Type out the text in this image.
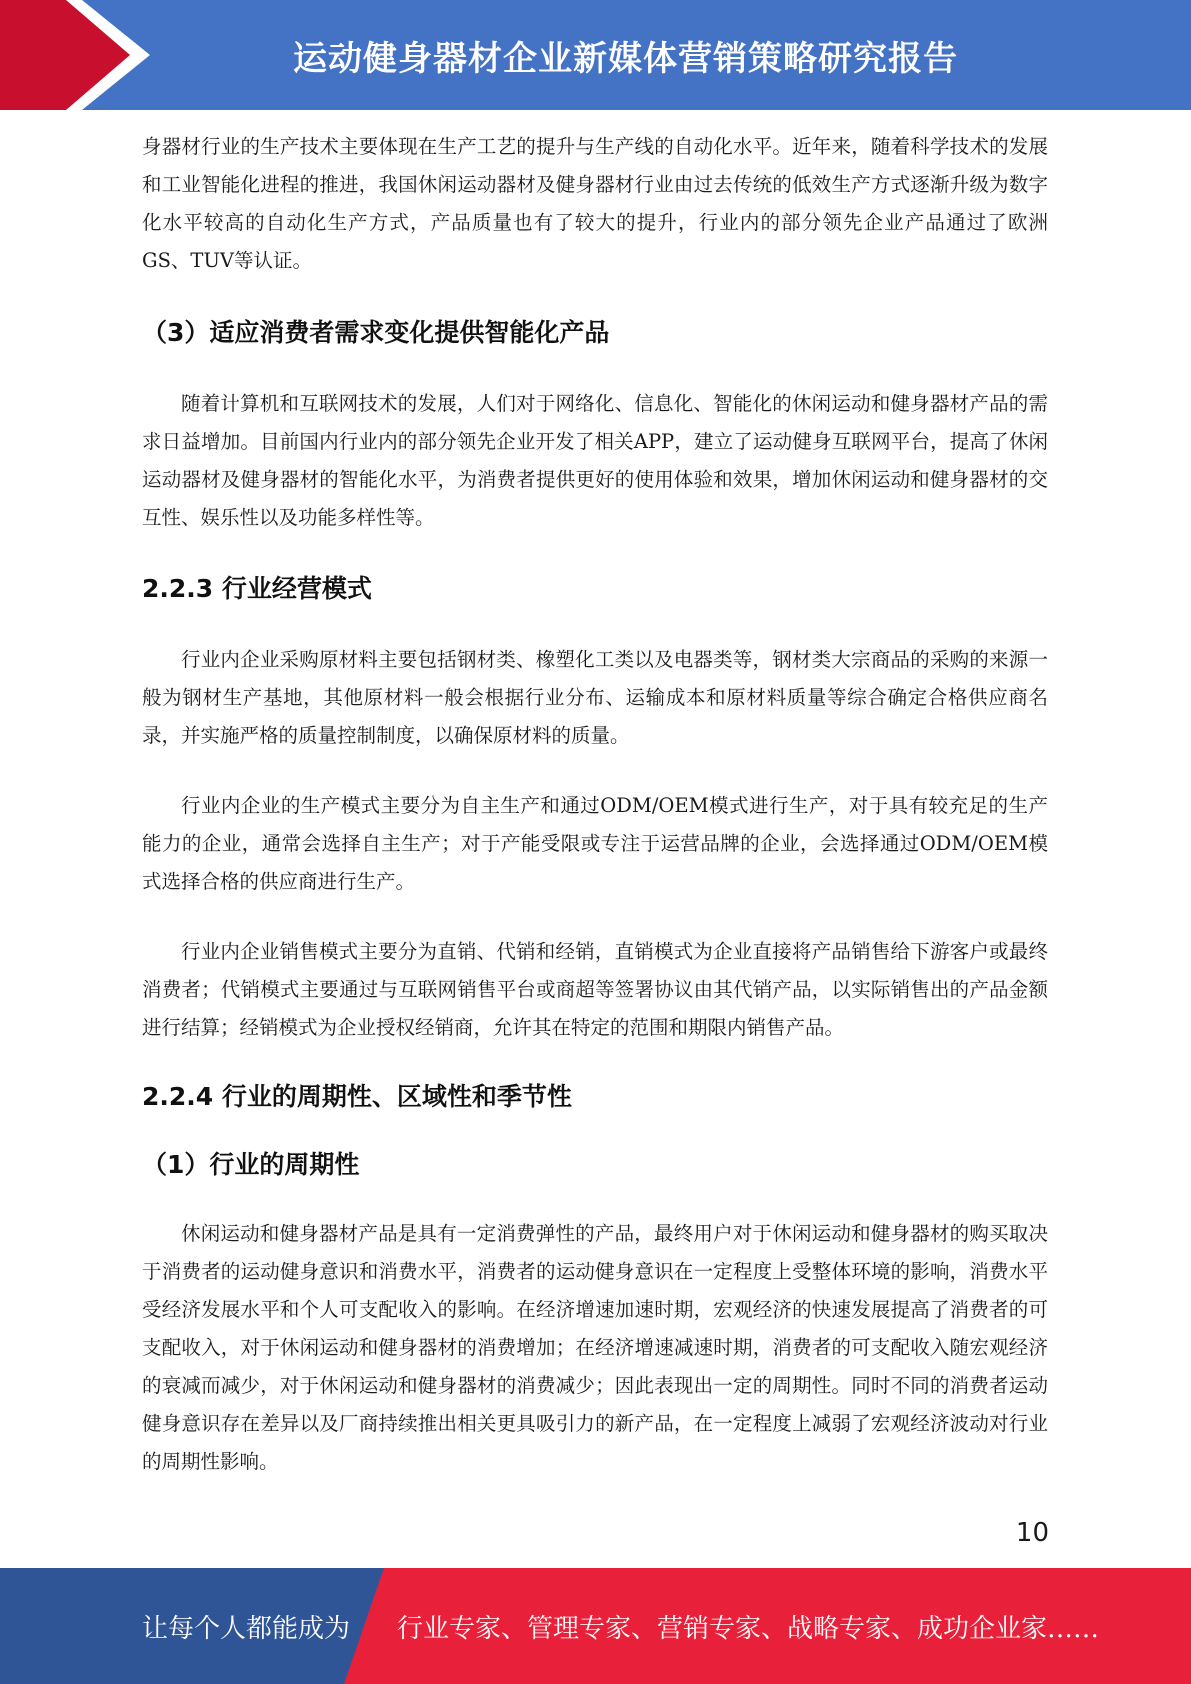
运动健身器材企业新媒体营销策略研究报告

身器材行业的生产技术主要体现在生产工艺的提升与生产线的自动化水平。近年来，随着科学技术的发展和工业智能化进程的推进，我国休闲运动器材及健身器材行业由过去传统的低效生产方式逐渐升级为数字化水平较高的自动化生产方式，产品质量也有了较大的提升，行业内的部分领先企业产品通过了欧洲GS、TUV等认证。

（3）适应消费者需求变化提供智能化产品

随着计算机和互联网技术的发展，人们对于网络化、信息化、智能化的休闲运动和健身器材产品的需求日益增加。目前国内行业内的部分领先企业开发了相关APP，建立了运动健身互联网平台，提高了休闲运动器材及健身器材的智能化水平，为消费者提供更好的使用体验和效果，增加休闲运动和健身器材的交互性、娱乐性以及功能多样性等。

2.2.3 行业经营模式

行业内企业采购原材料主要包括钢材类、橡塑化工类以及电器类等，钢材类大宗商品的采购的来源一般为钢材生产基地，其他原材料一般会根据行业分布、运输成本和原材料质量等综合确定合格供应商名录，并实施严格的质量控制制度，以确保原材料的质量。

行业内企业的生产模式主要分为自主生产和通过ODM/OEM模式进行生产，对于具有较充足的生产能力的企业，通常会选择自主生产；对于产能受限或专注于运营品牌的企业，会选择通过ODM/OEM模式选择合格的供应商进行生产。

行业内企业销售模式主要分为直销、代销和经销，直销模式为企业直接将产品销售给下游客户或最终消费者；代销模式主要通过与互联网销售平台或商超等签署协议由其代销产品，以实际销售出的产品金额进行结算；经销模式为企业授权经销商，允许其在特定的范围和期限内销售产品。

2.2.4 行业的周期性、区域性和季节性
（1）行业的周期性

休闲运动和健身器材产品是具有一定消费弹性的产品，最终用户对于休闲运动和健身器材的购买取决于消费者的运动健身意识和消费水平，消费者的运动健身意识在一定程度上受整体环境的影响，消费水平受经济发展水平和个人可支配收入的影响。在经济增速加速时期，宏观经济的快速发展提高了消费者的可支配收入，对于休闲运动和健身器材的消费增加；在经济增速减速时期，消费者的可支配收入随宏观经济的衰减而减少，对于休闲运动和健身器材的消费减少；因此表现出一定的周期性。同时不同的消费者运动健身意识存在差异以及厂商持续推出相关更具吸引力的新产品，在一定程度上减弱了宏观经济波动对行业的周期性影响。

10
让每个人都能成为 行业专家、管理专家、营销专家、战略专家、成功企业家……
